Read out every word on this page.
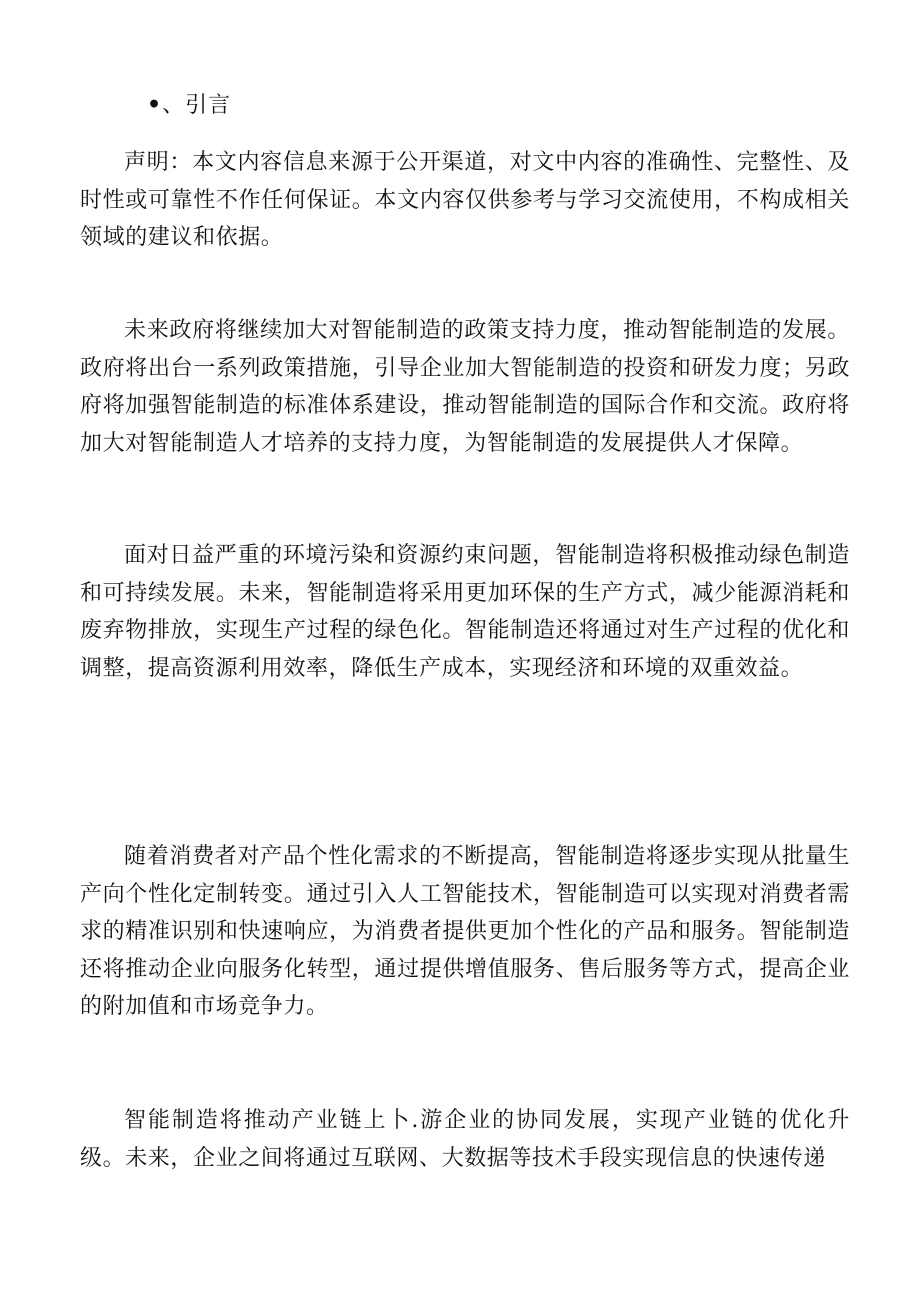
•、引言

声明：本文内容信息来源于公开渠道，对文中内容的准确性、完整性、及时性或可靠性不作任何保证。本文内容仅供参考与学习交流使用，不构成相关领域的建议和依据。

未来政府将继续加大对智能制造的政策支持力度，推动智能制造的发展。政府将出台一系列政策措施，引导企业加大智能制造的投资和研发力度；另政府将加强智能制造的标准体系建设，推动智能制造的国际合作和交流。政府将加大对智能制造人才培养的支持力度，为智能制造的发展提供人才保障。

面对日益严重的环境污染和资源约束问题，智能制造将积极推动绿色制造和可持续发展。未来，智能制造将采用更加环保的生产方式，减少能源消耗和废弃物排放，实现生产过程的绿色化。智能制造还将通过对生产过程的优化和调整，提高资源利用效率，降低生产成本，实现经济和环境的双重效益。

随着消费者对产品个性化需求的不断提高，智能制造将逐步实现从批量生产向个性化定制转变。通过引入人工智能技术，智能制造可以实现对消费者需求的精准识别和快速响应，为消费者提供更加个性化的产品和服务。智能制造还将推动企业向服务化转型，通过提供增值服务、售后服务等方式，提高企业的附加值和市场竞争力。

智能制造将推动产业链上卜.游企业的协同发展，实现产业链的优化升级。未来，企业之间将通过互联网、大数据等技术手段实现信息的快速传递
